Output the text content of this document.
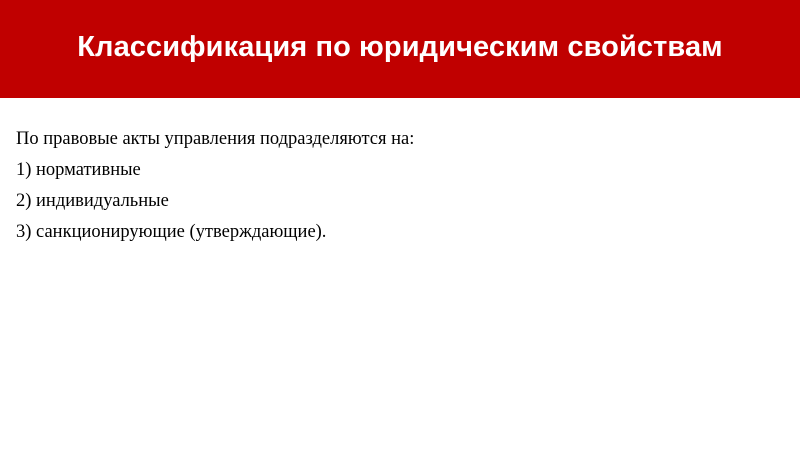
Классификация по юридическим свойствам
По правовые акты управления подразделяются на:
1) нормативные
2) индивидуальные
3) санкционирующие (утверждающие).
